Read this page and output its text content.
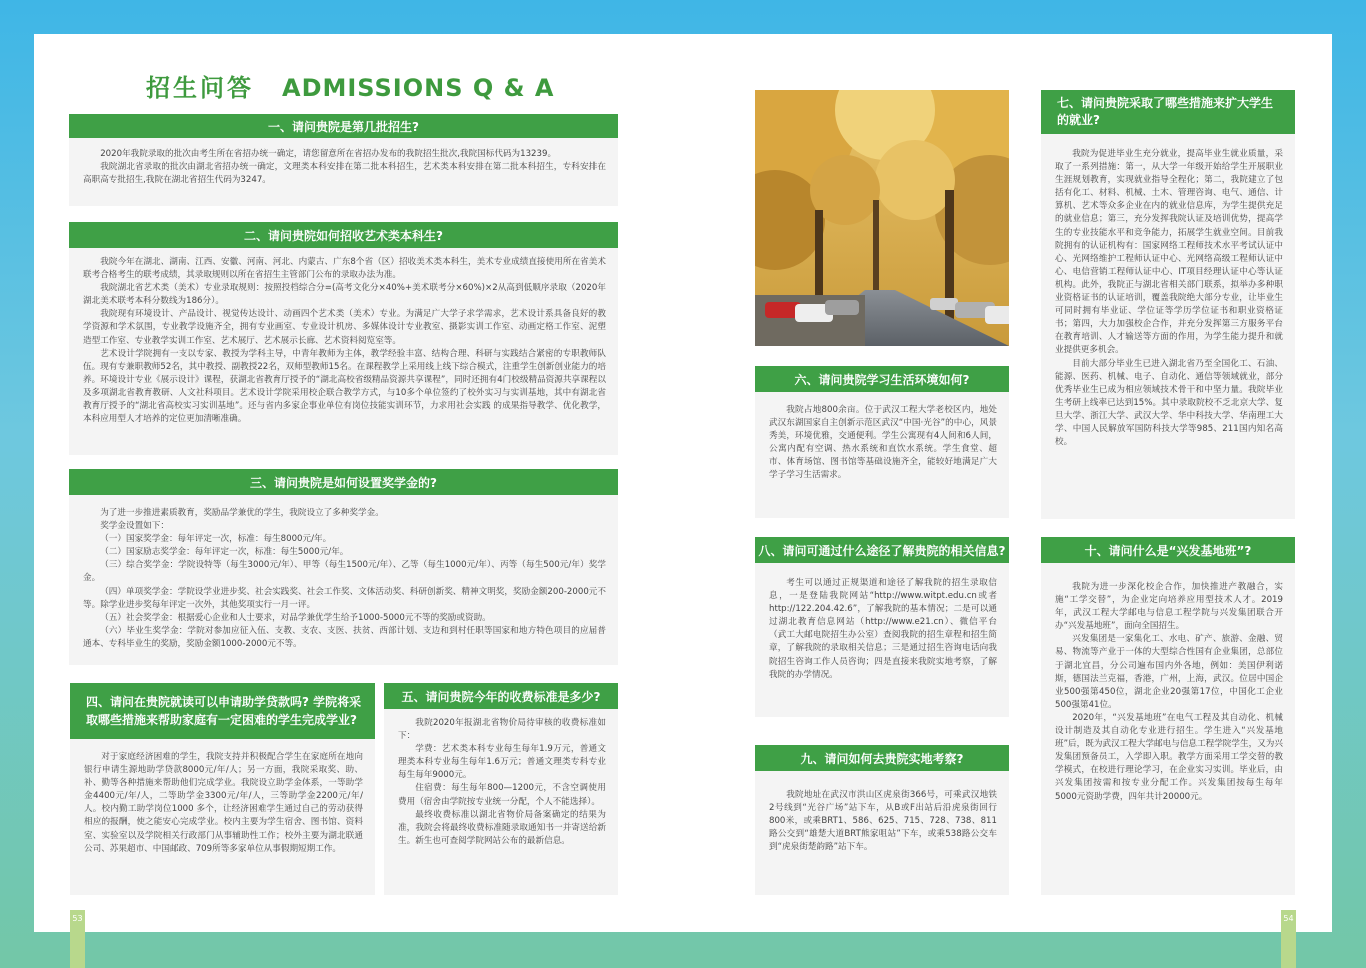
招生问答 ADMISSIONS Q & A
一、请问贵院是第几批招生?

2020年我院录取的批次由考生所在省招办统一确定，请您留意所在省招办发布的我院招生批次,我院国标代码为13239。

我院湖北省录取的批次由湖北省招办统一确定，文理类本科安排在第二批本科招生，艺术类本科安排在第二批本科招生，专科安排在高职高专批招生,我院在湖北省招生代码为3247。

二、请问贵院如何招收艺术类本科生?

我院今年在湖北、湖南、江西、安徽、河南、河北、内蒙古、广东8个省（区）招收美术类本科生，美术专业成绩直接使用所在省美术联考合格考生的联考成绩，其录取规则以所在省招生主管部门公布的录取办法为准。

我院湖北省艺术类（美术）专业录取规则：按照投档综合分=(高考文化分×40%+美术联考分×60%)×2从高到低顺序录取（2020年湖北美术联考本科分数线为186分）。

我院现有环境设计、产品设计、视觉传达设计、动画四个艺术类（美术）专业。为满足广大学子求学需求，艺术设计系具备良好的教学资源和学术氛围，专业教学设施齐全，拥有专业画室、专业设计机房、多媒体设计专业教室、摄影实训工作室、动画定格工作室、泥塑造型工作室、专业教学实训工作室、艺术展厅、艺术展示长廊、艺术资料阅览室等。

艺术设计学院拥有一支以专家、教授为学科主导，中青年教师为主体，教学经验丰富、结构合理、科研与实践结合紧密的专职教师队伍。现有专兼职教师52名，其中教授、副教授22名，双师型教师15名。在课程教学上采用线上线下综合模式，注重学生创新创业能力的培养。环境设计专业《展示设计》课程，获湖北省教育厅授予的“湖北高校省级精品资源共享课程”，同时还拥有4门校级精品资源共享课程以及多项湖北省教育教研、人文社科项目。艺术设计学院采用校企联合教学方式，与10多个单位签约了校外实习与实训基地，其中有湖北省教育厅授予的“湖北省高校实习实训基地”。还与省内多家企事业单位有岗位技能实训环节，力求用社会实践 的成果指导教学、优化教学，本科应用型人才培养的定位更加清晰准确。

三、请问贵院是如何设置奖学金的?

为了进一步推进素质教育，奖励品学兼优的学生，我院设立了多种奖学金。

奖学金设置如下：

（一）国家奖学金：每年评定一次，标准：每生8000元/年。

（二）国家励志奖学金：每年评定一次，标准：每生5000元/年。

（三）综合奖学金：学院设特等（每生3000元/年）、甲等（每生1500元/年）、乙等（每生1000元/年）、丙等（每生500元/年）奖学金。

（四）单项奖学金：学院设学业进步奖、社会实践奖、社会工作奖、文体活动奖、科研创新奖、精神文明奖，奖励金额200-2000元不等。除学业进步奖每年评定一次外，其他奖项实行一月一评。

（五）社会奖学金：根据爱心企业和人士要求，对品学兼优学生给予1000-5000元不等的奖励或资助。

（六）毕业生奖学金：学院对参加应征入伍、支教、支农、支医、扶贫、西部计划、支边和到村任职等国家和地方特色项目的应届普通本、专科毕业生的奖励，奖励金额1000-2000元不等。

四、请问在贵院就读可以申请助学贷款吗? 学院将采取哪些措施来帮助家庭有一定困难的学生完成学业?

对于家庭经济困难的学生，我院支持并积极配合学生在家庭所在地向银行申请生源地助学贷款8000元/年/人；另一方面，我院采取奖、助、补、勤等各种措施来帮助他们完成学业。我院设立助学金体系，一等助学金4400元/年/人，二等助学金3300元/年/人，三等助学金2200元/年/人。校内勤工助学岗位1000 多个，让经济困难学生通过自己的劳动获得相应的报酬，使之能安心完成学业。校内主要为学生宿舍、图书馆、资料室、实验室以及学院相关行政部门从事辅助性工作；校外主要为湖北联通公司、苏果超市、中国邮政、709所等多家单位从事假期短期工作。

五、请问贵院今年的收费标准是多少?

我院2020年报湖北省物价局待审核的收费标准如下：

学费：艺术类本科专业每生每年1.9万元，普通文理类本科专业每生每年1.6万元；普通文理类专科专业每生每年9000元。

住宿费：每生每年800—1200元，不含空调使用费用（宿舍由学院按专业统一分配，个人不能选择）。

最终收费标准以湖北省物价局备案确定的结果为准，我院会将最终收费标准随录取通知书一并寄送给新生。新生也可查阅学院网站公布的最新信息。

六、请问贵院学习生活环境如何?

我院占地800余亩。位于武汉工程大学老校区内，地处武汉东湖国家自主创新示范区武汉“中国·光谷”的中心，风景秀美，环境优雅，交通便利。学生公寓现有4人间和6人间，公寓内配有空调、热水系统和直饮水系统。学生食堂、超市、体育场馆、图书馆等基础设施齐全，能较好地满足广大学子学习生活需求。

七、请问贵院采取了哪些措施来扩大学生的就业?

我院为促进毕业生充分就业，提高毕业生就业质量，采取了一系列措施：第一，从大学一年级开始给学生开展职业生涯规划教育，实现就业指导全程化；第二，我院建立了包括有化工、材料、机械、土木、管理咨询、电气、通信、计算机、艺术等众多企业在内的就业信息库，为学生提供充足的就业信息；第三，充分发挥我院认证及培训优势，提高学生的专业技能水平和竞争能力，拓展学生就业空间。目前我院拥有的认证机构有：国家网络工程师技术水平考试认证中心、光网络维护工程师认证中心、光网络高级工程师认证中心、电信营销工程师认证中心、IT项目经理认证中心等认证机构。此外，我院正与湖北省相关部门联系，拟举办多种职业资格证书的认证培训，覆盖我院绝大部分专业，让毕业生可同时拥有毕业证、学位证等学历学位证书和职业资格证书；第四，大力加强校企合作，并充分发挥第三方服务平台在教育培训、人才输送等方面的作用，为学生能力提升和就业提供更多机会。

目前大部分毕业生已进入湖北省乃至全国化工、石油、能源、医药、机械、电子、自动化、通信等领域就业，部分优秀毕业生已成为相应领域技术骨干和中坚力量。我院毕业生考研上线率已达到15%。其中录取院校不乏北京大学、复旦大学、浙江大学、武汉大学、华中科技大学、华南理工大学、中国人民解放军国防科技大学等985、211国内知名高校。

八、请问可通过什么途径了解贵院的相关信息?

考生可以通过正规渠道和途径了解我院的招生录取信息，一是登陆我院网站“http://www.witpt.edu.cn或者http://122.204.42.6”，了解我院的基本情况；二是可以通过湖北教育信息网站（http://www.e21.cn）、微信平台（武工大邮电院招生办公室）查阅我院的招生章程和招生简章，了解我院的录取相关信息；三是通过招生咨询电话向我院招生咨询工作人员咨询；四是直接来我院实地考察，了解我院的办学情况。

九、请问如何去贵院实地考察?

我院地址在武汉市洪山区虎泉街366号，可乘武汉地铁2号线到“光谷广场”站下车，从B或F出站后沿虎泉街回行800米，或乘BRT1、586、625、715、728、738、811路公交到“雄楚大道BRT熊家咀站”下车，或乘538路公交车到“虎泉街楚韵路”站下车。

十、请问什么是“兴发基地班”?

我院为进一步深化校企合作，加快推进产教融合，实施“工学交替”，为企业定向培养应用型技术人才。2019年，武汉工程大学邮电与信息工程学院与兴发集团联合开办“兴发基地班”，面向全国招生。

兴发集团是一家集化工、水电、矿产、旅游、金融、贸易、物流等产业于一体的大型综合性国有企业集团，总部位于湖北宜昌，分公司遍布国内外各地，例如：美国伊利诺斯，德国法兰克福，香港，广州，上海，武汉。位居中国企业500强第450位，湖北企业20强第17位，中国化工企业500强第41位。

2020年，“兴发基地班”在电气工程及其自动化、机械设计制造及其自动化专业进行招生。学生进入“兴发基地班”后，既为武汉工程大学邮电与信息工程学院学生，又为兴发集团预备员工，入学即入职。教学方面采用工学交替的教学模式，在校进行理论学习，在企业实习实训。毕业后，由兴发集团按需和按专业分配工作。兴发集团按每生每年5000元资助学费，四年共计20000元。

53	54
